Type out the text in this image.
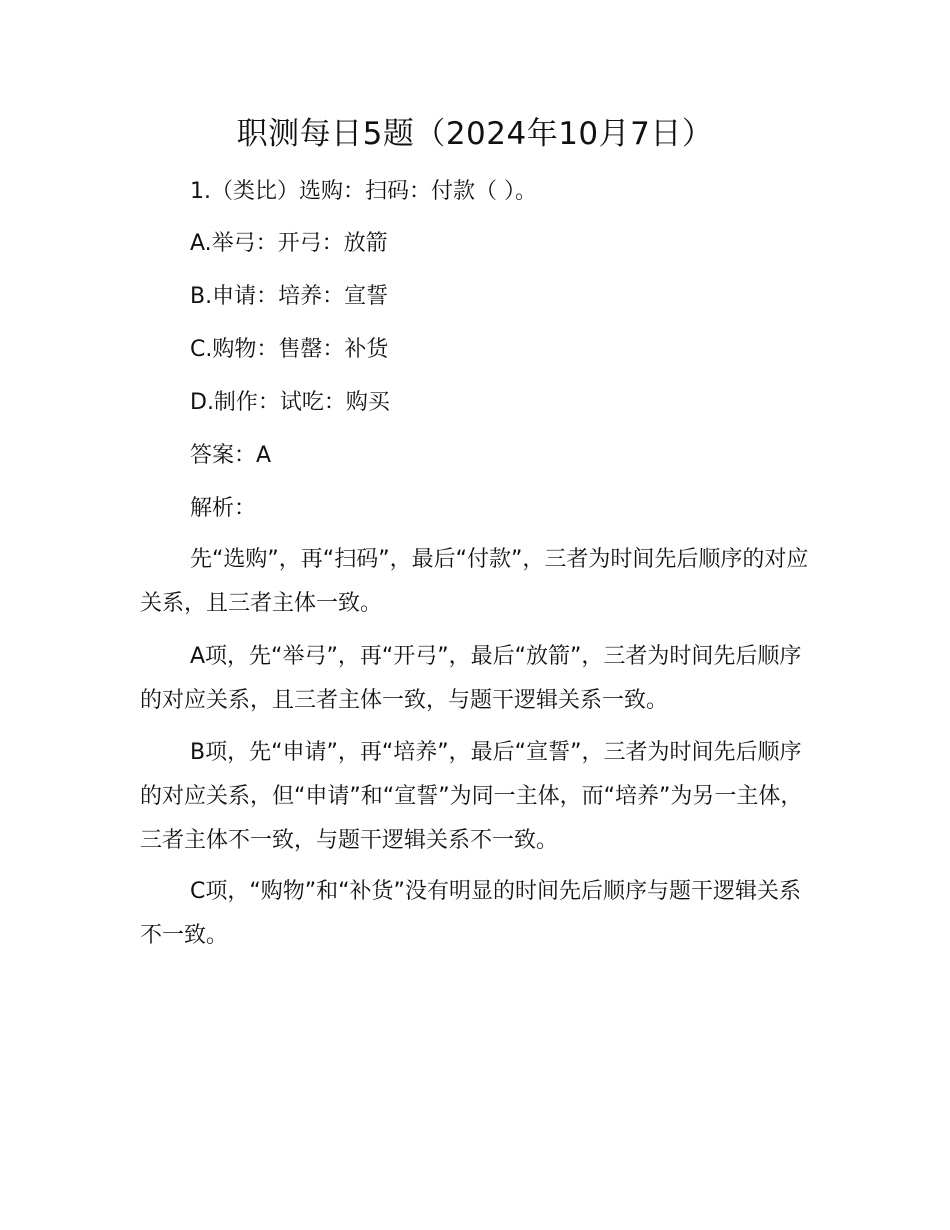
职测每日5题（2024年10月7日）

1.（类比）选购：扫码：付款（ ）。

A.举弓：开弓：放箭

B.申请：培养：宣誓

C.购物：售罄：补货

D.制作：试吃：购买

答案：A

解析：

先“选购”，再“扫码”，最后“付款”，三者为时间先后顺序的对应关系，且三者主体一致。

A项，先“举弓”，再“开弓”，最后“放箭”，三者为时间先后顺序的对应关系，且三者主体一致，与题干逻辑关系一致。

B项，先“申请”，再“培养”，最后“宣誓”，三者为时间先后顺序的对应关系，但“申请”和“宣誓”为同一主体，而“培养”为另一主体，三者主体不一致，与题干逻辑关系不一致。

C项，“购物”和“补货”没有明显的时间先后顺序与题干逻辑关系不一致。
